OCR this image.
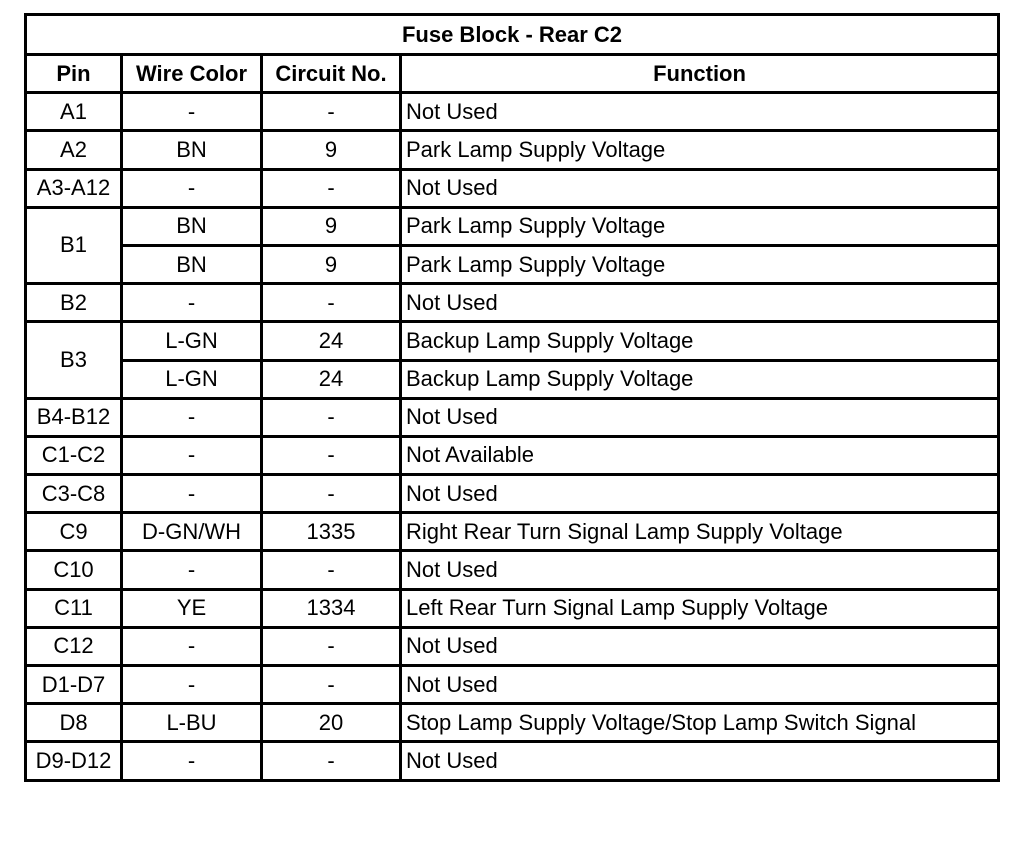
Fuse Block - Rear C2			
Pin	Wire Color	Circuit No.	Function
A1	-	-	Not Used
A2	BN	9	Park Lamp Supply Voltage
A3-A12	-	-	Not Used
B1	BN	9	Park Lamp Supply Voltage
	BN	9	Park Lamp Supply Voltage
B2	-	-	Not Used
B3	L-GN	24	Backup Lamp Supply Voltage
	L-GN	24	Backup Lamp Supply Voltage
B4-B12	-	-	Not Used
C1-C2	-	-	Not Available
C3-C8	-	-	Not Used
C9	D-GN/WH	1335	Right Rear Turn Signal Lamp Supply Voltage
C10	-	-	Not Used
C11	YE	1334	Left Rear Turn Signal Lamp Supply Voltage
C12	-	-	Not Used
D1-D7	-	-	Not Used
D8	L-BU	20	Stop Lamp Supply Voltage/Stop Lamp Switch Signal
D9-D12	-	-	Not Used
